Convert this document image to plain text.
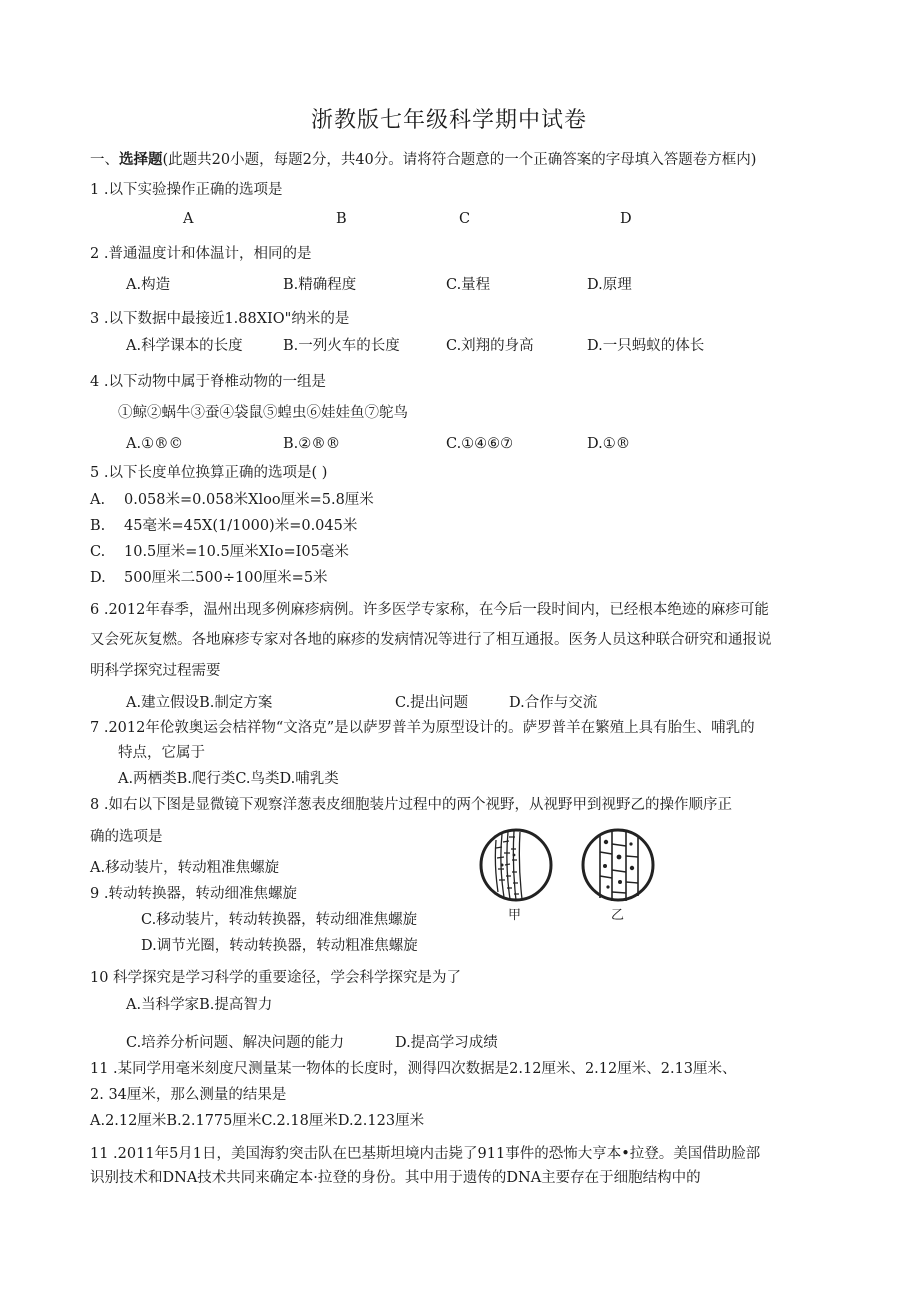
浙教版七年级科学期中试卷
一、选择题(此题共20小题，每题2分，共40分。请将符合题意的一个正确答案的字母填入答题卷方框内)
1 .以下实验操作正确的选项是
A	B	C	D
2 .普通温度计和体温计，相同的是
A.构造	B.精确程度	C.量程	D.原理
3 .以下数据中最接近1.88XIO"纳米的是
A.科学课本的长度	B.一列火车的长度	C.刘翔的身高	D.一只蚂蚁的体长
4 .以下动物中属于脊椎动物的一组是
①鲸②蜗牛③蚕④袋鼠⑤蝗虫⑥娃娃鱼⑦鸵鸟
A.①®©	B.②®®	C.①④⑥⑦	D.①®
5 .以下长度单位换算正确的选项是( )
A. 0.058米=0.058米Xloo厘米=5.8厘米
B. 45毫米=45X(1/1000)米=0.045米
C. 10.5厘米=10.5厘米XIo=I05毫米
D. 500厘米二500÷100厘米=5米
6 .2012年春季，温州出现多例麻疹病例。许多医学专家称，在今后一段时间内，已经根本绝迹的麻疹可能
又会死灰复燃。各地麻疹专家对各地的麻疹的发病情况等进行了相互通报。医务人员这种联合研究和通报说
明科学探究过程需要
A.建立假设B.制定方案	C.提出问题	D.合作与交流
7 .2012年伦敦奥运会桔祥物“文洛克”是以萨罗普羊为原型设计的。萨罗普羊在繁殖上具有胎生、哺乳的
特点，它属于
A.两栖类B.爬行类C.鸟类D.哺乳类
8 .如右以下图是显微镜下观察洋葱表皮细胞装片过程中的两个视野，从视野甲到视野乙的操作顺序正
确的选项是
A.移动装片，转动粗准焦螺旋
9 .转动转换器，转动细准焦螺旋
C.移动装片，转动转换器，转动细准焦螺旋
D.调节光圈，转动转换器，转动粗准焦螺旋
甲	乙
10 科学探究是学习科学的重要途径，学会科学探究是为了
A.当科学家B.提高智力
C.培养分析问题、解决问题的能力	D.提高学习成绩
11 .某同学用毫米刻度尺测量某一物体的长度时，测得四次数据是2.12厘米、2.12厘米、2.13厘米、
2. 34厘米，那么测量的结果是
A.2.12厘米B.2.1775厘米C.2.18厘米D.2.123厘米
11 .2011年5月1日，美国海豹突击队在巴基斯坦境内击毙了911事件的恐怖大亨本•拉登。美国借助脸部
识别技术和DNA技术共同来确定本·拉登的身份。其中用于遗传的DNA主要存在于细胞结构中的
